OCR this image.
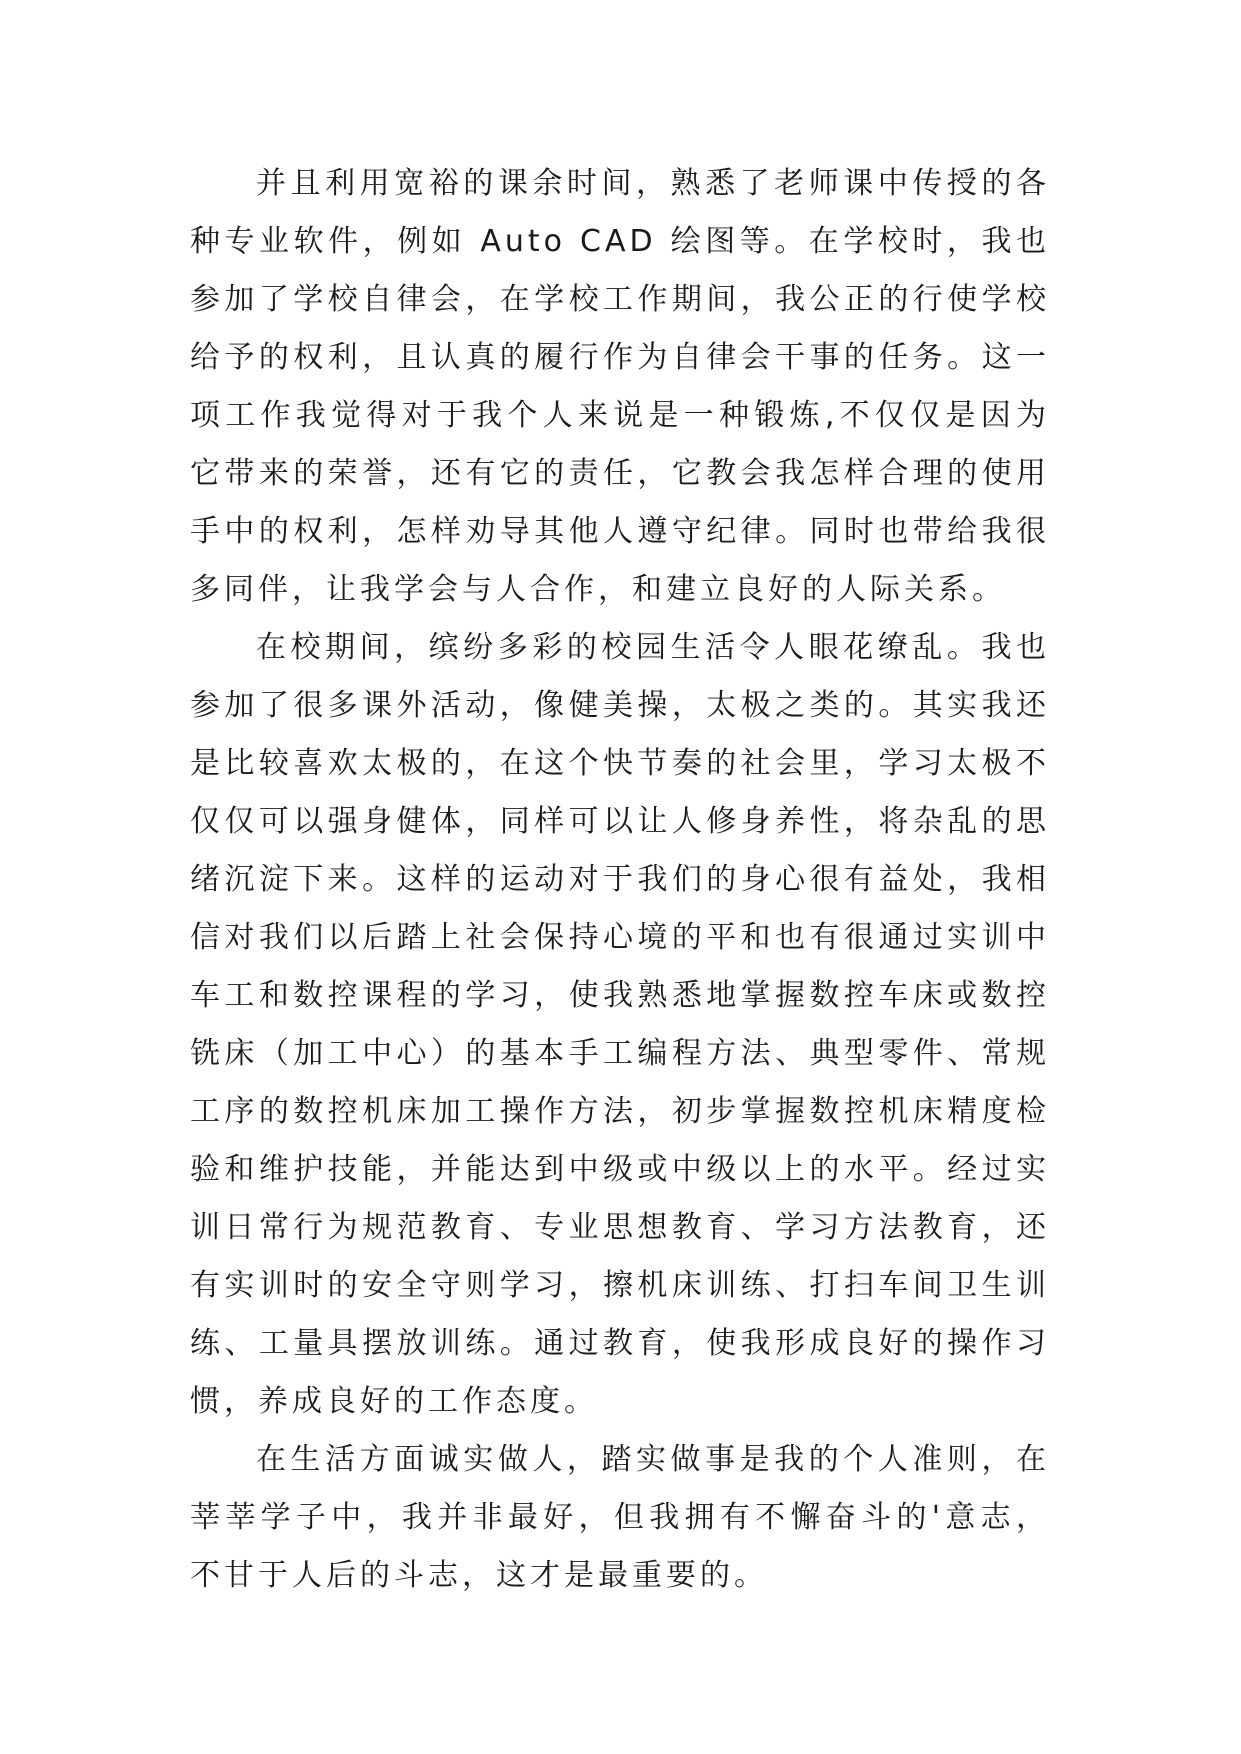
并且利用宽裕的课余时间，熟悉了老师课中传授的各种专业软件，例如 Auto CAD 绘图等。在学校时，我也参加了学校自律会，在学校工作期间，我公正的行使学校给予的权利，且认真的履行作为自律会干事的任务。这一项工作我觉得对于我个人来说是一种锻炼,不仅仅是因为它带来的荣誉，还有它的责任，它教会我怎样合理的使用手中的权利，怎样劝导其他人遵守纪律。同时也带给我很多同伴，让我学会与人合作，和建立良好的人际关系。

在校期间，缤纷多彩的校园生活令人眼花缭乱。我也参加了很多课外活动，像健美操，太极之类的。其实我还是比较喜欢太极的，在这个快节奏的社会里，学习太极不仅仅可以强身健体，同样可以让人修身养性，将杂乱的思绪沉淀下来。这样的运动对于我们的身心很有益处，我相信对我们以后踏上社会保持心境的平和也有很通过实训中车工和数控课程的学习，使我熟悉地掌握数控车床或数控铣床（加工中心）的基本手工编程方法、典型零件、常规工序的数控机床加工操作方法，初步掌握数控机床精度检验和维护技能，并能达到中级或中级以上的水平。经过实训日常行为规范教育、专业思想教育、学习方法教育，还有实训时的安全守则学习，擦机床训练、打扫车间卫生训练、工量具摆放训练。通过教育，使我形成良好的操作习惯，养成良好的工作态度。

在生活方面诚实做人，踏实做事是我的个人准则，在莘莘学子中，我并非最好，但我拥有不懈奋斗的'意志，不甘于人后的斗志，这才是最重要的。
